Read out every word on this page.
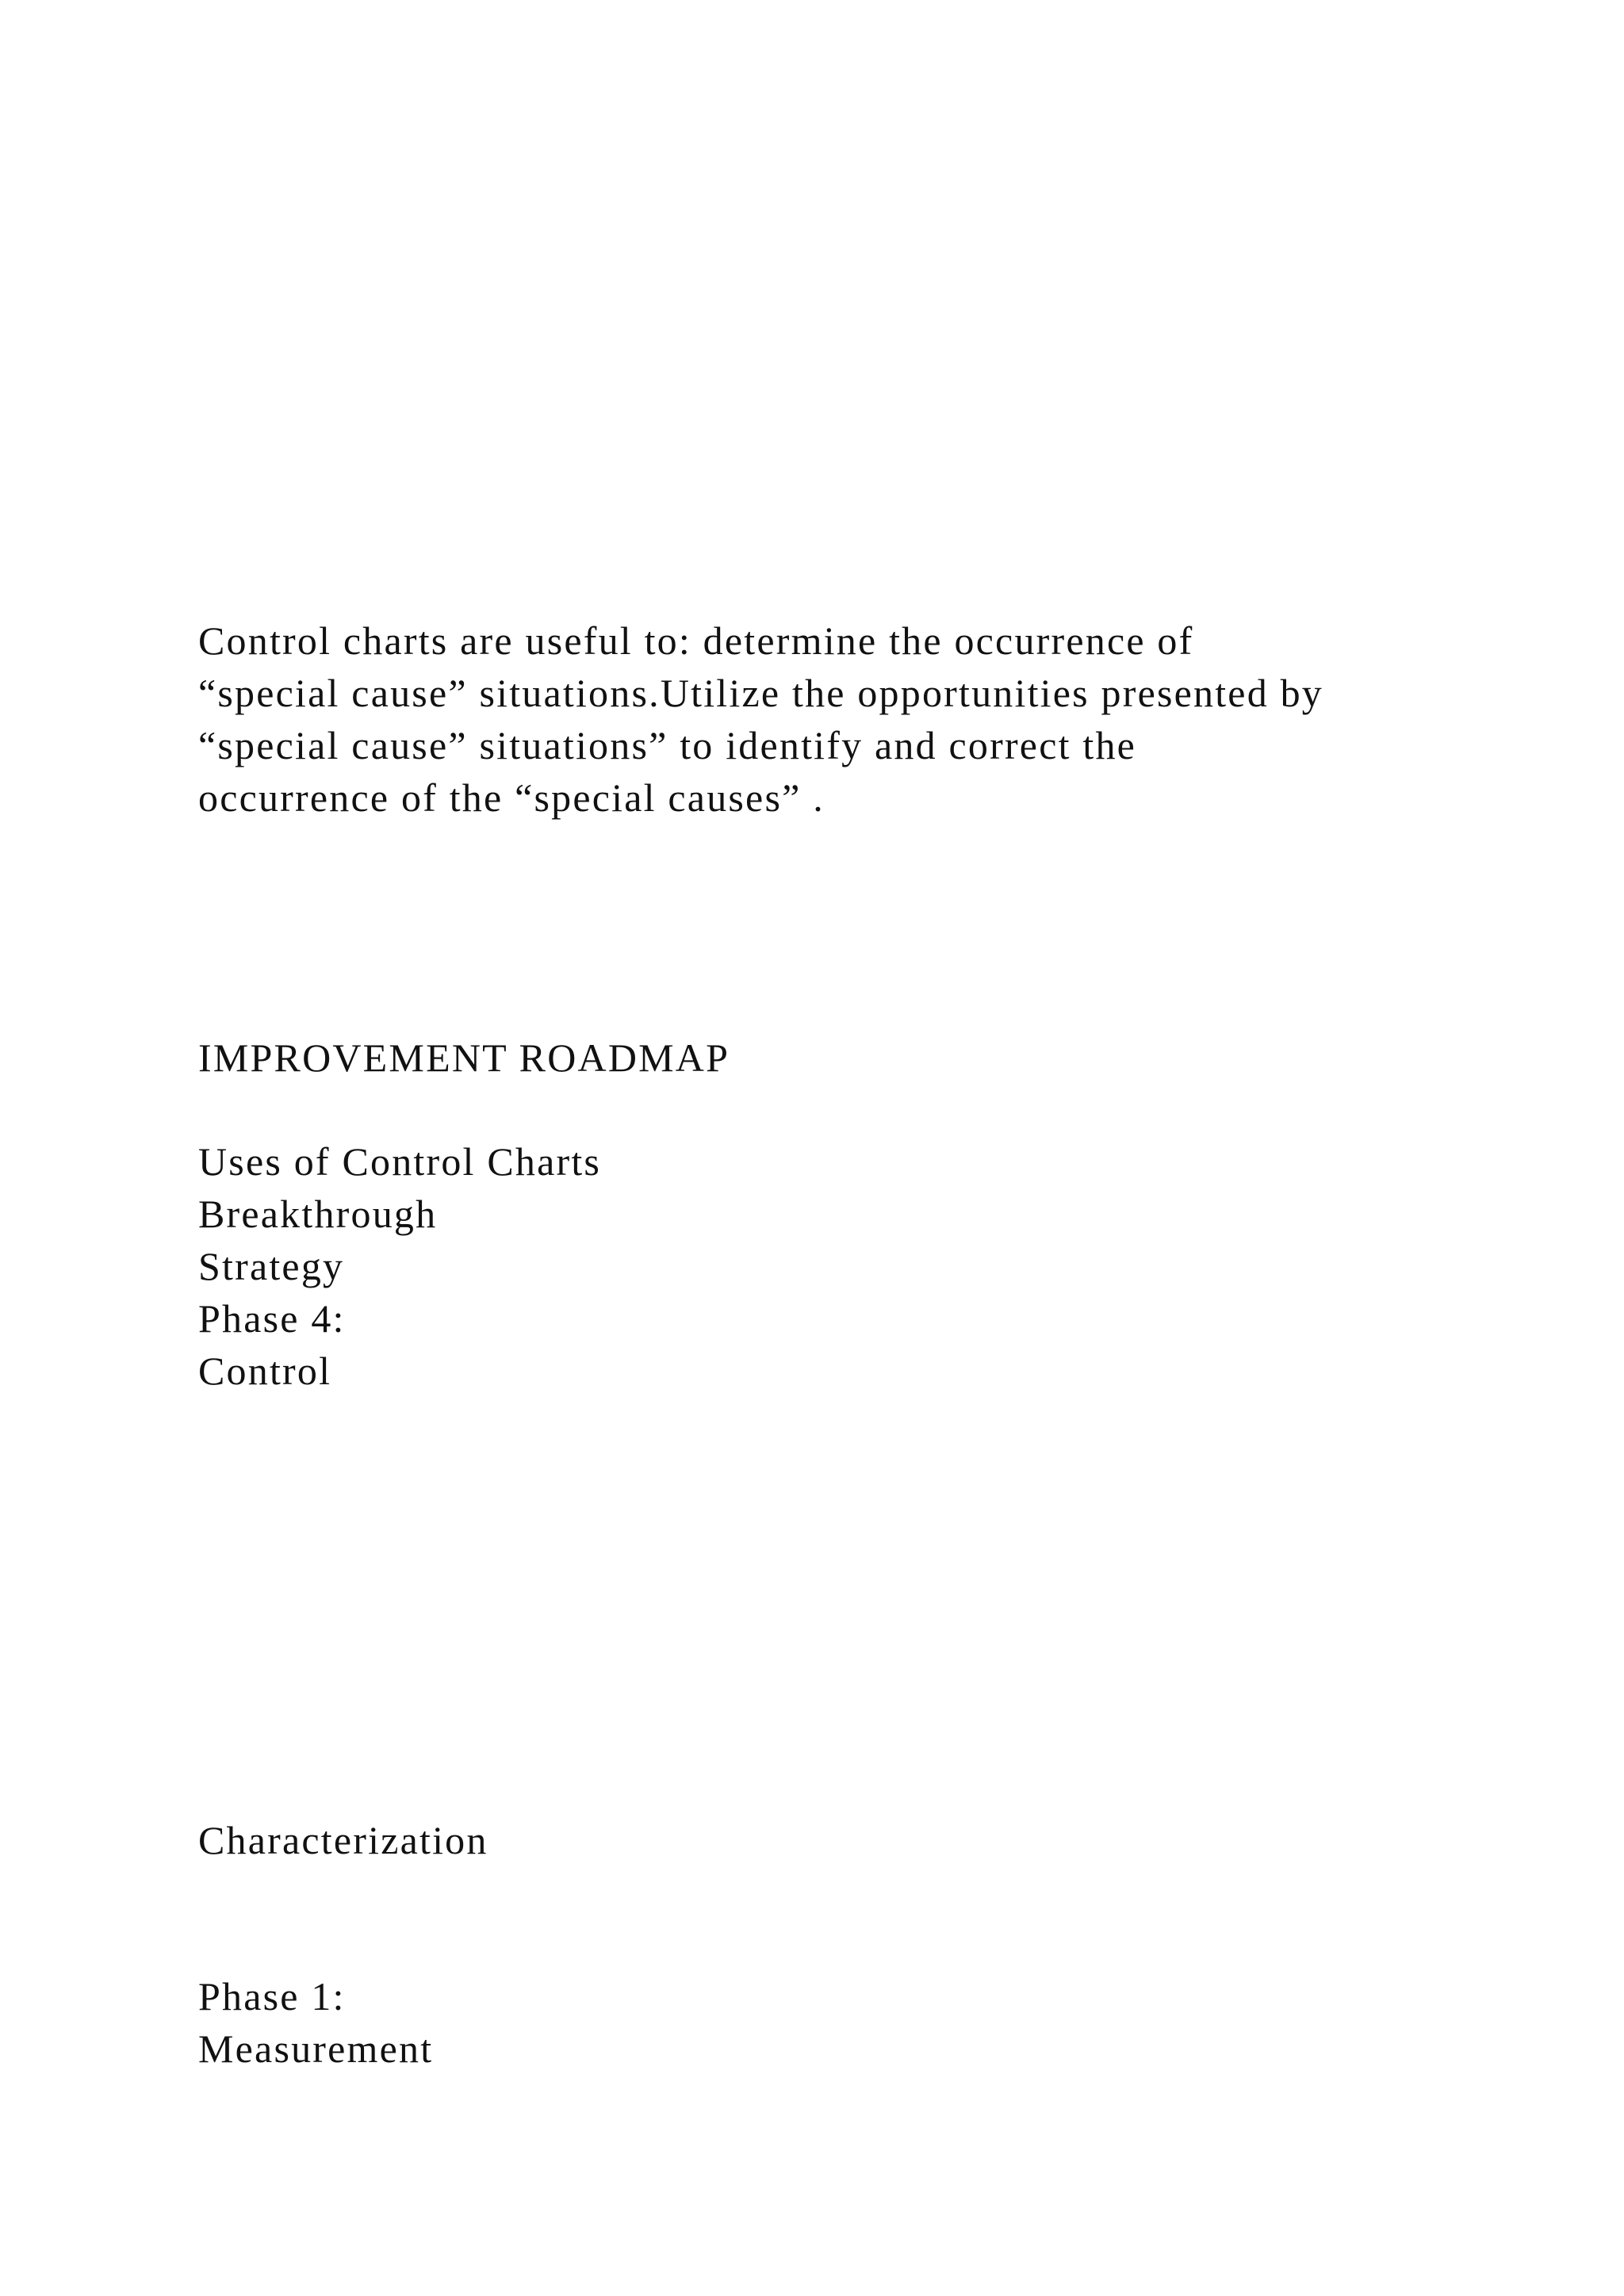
Control charts are useful to: determine the occurrence of
“special cause” situations.Utilize the opportunities presented by
“special cause” situations” to identify and correct the
occurrence of the “special causes” .
IMPROVEMENT ROADMAP
Uses of Control Charts
Breakthrough
Strategy
Phase 4:
Control
Characterization
Phase 1:
Measurement
